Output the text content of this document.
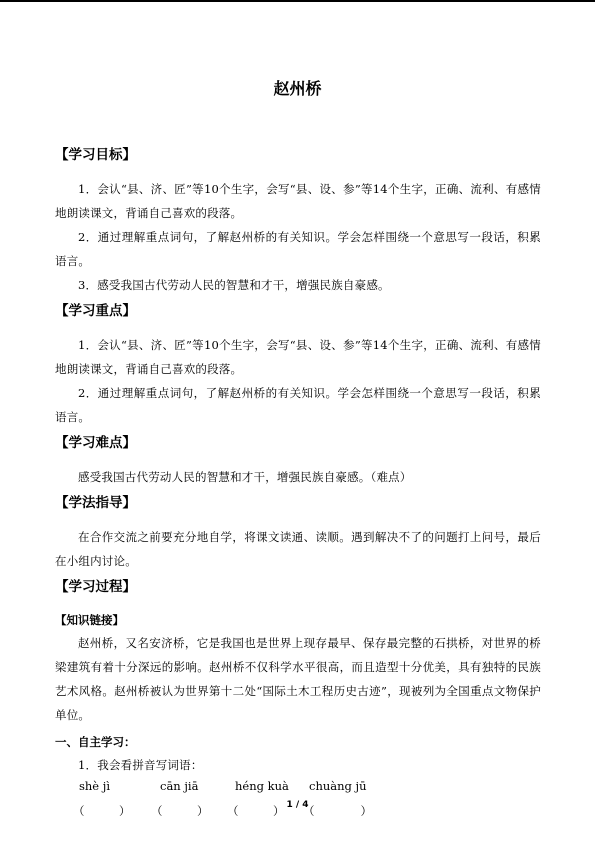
赵州桥
【学习目标】

1．会认“县、济、匠”等10个生字，会写“县、设、参”等14个生字，正确、流利、有感情地朗读课文，背诵自己喜欢的段落。

2．通过理解重点词句，了解赵州桥的有关知识。学会怎样围绕一个意思写一段话，积累语言。

3．感受我国古代劳动人民的智慧和才干，增强民族自豪感。

【学习重点】

1．会认“县、济、匠”等10个生字，会写“县、设、参”等14个生字，正确、流利、有感情地朗读课文，背诵自己喜欢的段落。

2．通过理解重点词句，了解赵州桥的有关知识。学会怎样围绕一个意思写一段话，积累语言。

【学习难点】

感受我国古代劳动人民的智慧和才干，增强民族自豪感。（难点）

【学法指导】

在合作交流之前要充分地自学，将课文读通、读顺。遇到解决不了的问题打上问号，最后在小组内讨论。

【学习过程】
【知识链接】

赵州桥，又名安济桥，它是我国也是世界上现存最早、保存最完整的石拱桥，对世界的桥梁建筑有着十分深远的影响。赵州桥不仅科学水平很高，而且造型十分优美，具有独特的民族艺术风格。赵州桥被认为世界第十二处“国际土木工程历史古迹”，现被列为全国重点文物保护单位。

一、自主学习：

1．我会看拼音写词语：

shè jì	cān jiā	héng kuà chuàng jū
（　　　） （　　　） （　　　） （　　　　）
1 / 4
